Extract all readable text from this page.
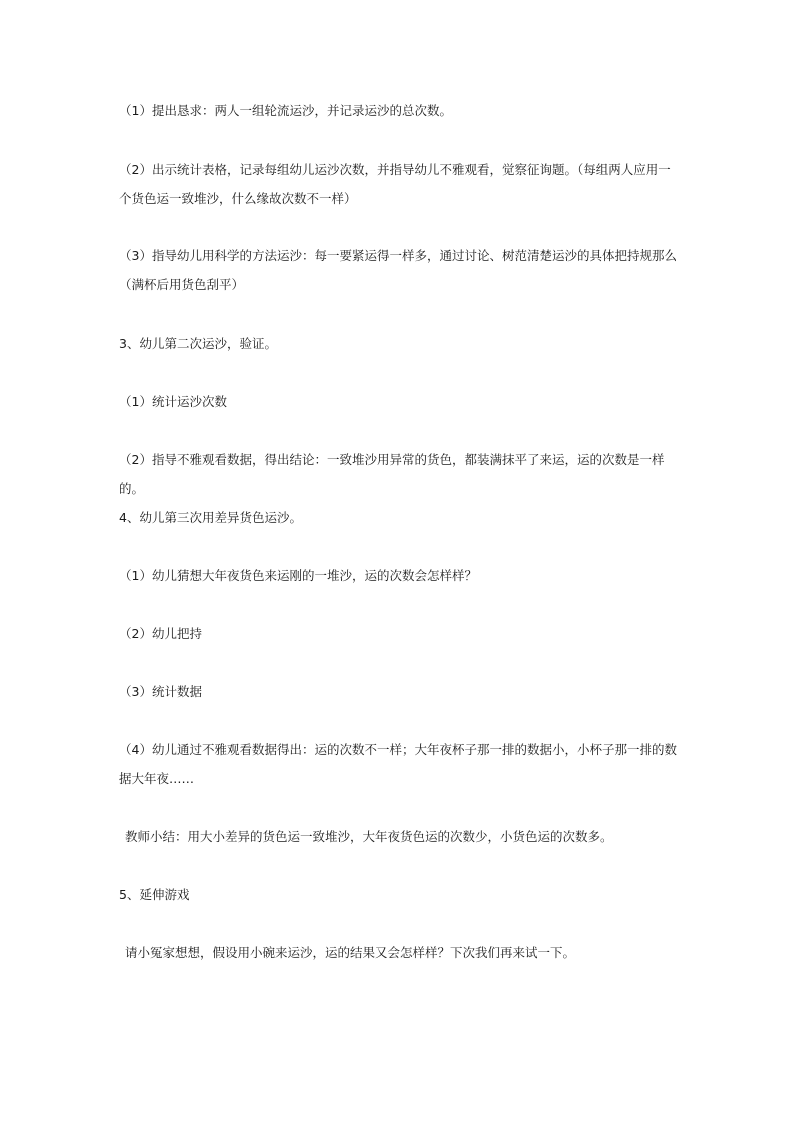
（1）提出恳求：两人一组轮流运沙，并记录运沙的总次数。
（2）出示统计表格，记录每组幼儿运沙次数，并指导幼儿不雅观看，觉察征询题。（每组两人应用一个货色运一致堆沙，什么缘故次数不一样）
（3）指导幼儿用科学的方法运沙：每一要紧运得一样多，通过讨论、树范清楚运沙的具体把持规那么（满杯后用货色刮平）
3、幼儿第二次运沙，验证。
（1）统计运沙次数
（2）指导不雅观看数据，得出结论：一致堆沙用异常的货色，都装满抹平了来运，运的次数是一样的。
4、幼儿第三次用差异货色运沙。
（1）幼儿猜想大年夜货色来运刚的一堆沙，运的次数会怎样样？
（2）幼儿把持
（3）统计数据
（4）幼儿通过不雅观看数据得出：运的次数不一样；大年夜杯子那一排的数据小，小杯子那一排的数据大年夜……
教师小结：用大小差异的货色运一致堆沙，大年夜货色运的次数少，小货色运的次数多。
5、延伸游戏
请小冤家想想，假设用小碗来运沙，运的结果又会怎样样？下次我们再来试一下。
